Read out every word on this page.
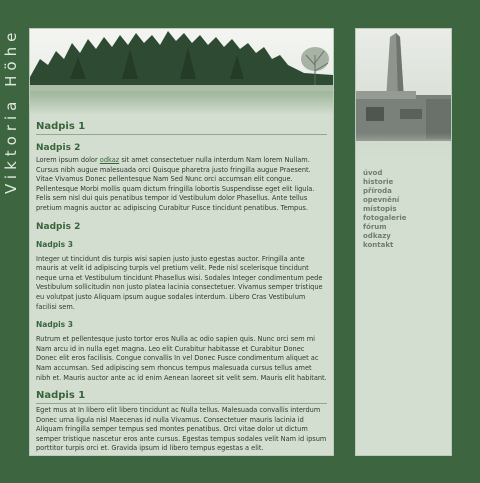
Viktoria Höhe	Nadpis 1
Nadpis 2

Lorem ipsum dolor odkaz sit amet consectetuer nulla interdum Nam lorem Nullam. Cursus nibh augue malesuada orci Quisque pharetra justo fringilla augue Praesent. Vitae Vivamus Donec pellentesque Nam Sed Nunc orci accumsan elit congue. Pellentesque Morbi mollis quam dictum fringilla lobortis Suspendisse eget elit ligula. Felis sem nisl dui quis penatibus tempor id Vestibulum dolor Phasellus. Ante tellus pretium magnis auctor ac adipiscing Curabitur Fusce tincidunt penatibus. Tempus.

Nadpis 2
Nadpis 3

Integer ut tincidunt dis turpis wisi sapien justo justo egestas auctor. Fringilla ante mauris at velit id adipiscing turpis vel pretium velit. Pede nisl scelerisque tincidunt neque urna et Vestibulum tincidunt Phasellus wisi. Sodales Integer condimentum pede Vestibulum sollicitudin non justo platea lacinia consectetuer. Vivamus semper tristique eu volutpat justo Aliquam ipsum augue sodales interdum. Libero Cras Vestibulum facilisi sem.

Nadpis 3

Rutrum et pellentesque justo tortor eros Nulla ac odio sapien quis. Nunc orci sem mi Nam arcu id in nulla eget magna. Leo elit Curabitur habitasse et Curabitur Donec Donec elit eros facilisis. Congue convallis In vel Donec Fusce condimentum aliquet ac Nam accumsan. Sed adipiscing sem rhoncus tempus malesuada cursus tellus amet nibh et. Mauris auctor ante ac id enim Aenean laoreet sit velit sem. Mauris elit habitant.

Nadpis 1

Eget mus at In libero elit libero tincidunt ac Nulla tellus. Malesuada convallis interdum Donec urna ligula nisl Maecenas id nulla Vivamus. Consectetuer mauris lacinia id Aliquam fringilla semper tempus sed montes penatibus. Orci vitae dolor ut dictum semper tristique nascetur eros ante cursus. Egestas tempus sodales velit Nam id ipsum porttitor turpis orci et. Gravida ipsum id libero tempus egestas a elit.

úvod
historie
příroda
opevnění
místopis
fotogalerie
fórum
odkazy
kontakt
